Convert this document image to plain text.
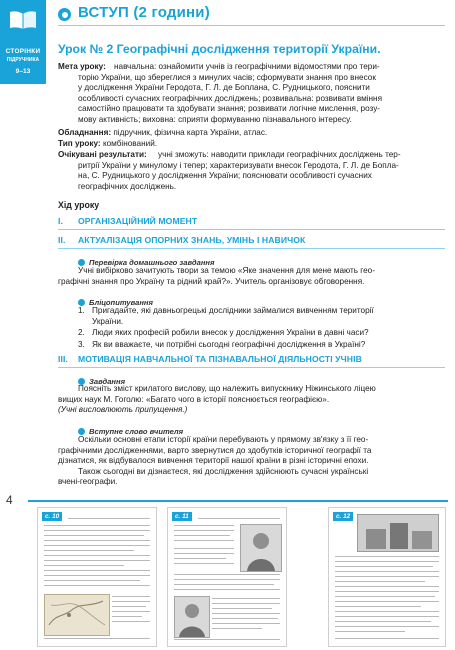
СТОРІНКИ
ПІДРУЧНИКА
9–13
ВСТУП (2 години)
Урок № 2 Географічні дослідження території України.
Мета уроку: навчальна: ознайомити учнів із географічними відомостями про тери-
торію України, що збереглися з минулих часів; сформувати знання про внесок
у дослідження України Геродота, Г. Л. де Боплана, С. Рудницького, пояснити
особливості сучасних географічних досліджень; розвивальна: розвивати вміння
самостійно працювати та здобувати знання; розвивати логічне мислення, розу-
мову активність; виховна: сприяти формуванню пізнавального інтересу.
Обладнання: підручник, фізична карта України, атлас.
Тип уроку: комбінований.
Очікувані результати: учні зможуть: наводити приклади географічних досліджень тер-
ритрії України у минулому і тепер; характеризувати внесок Геродота, Г. Л. де Бопла-
на, С. Рудницького у дослідження України; пояснювати особливості сучасних
географічних досліджень.
Хід уроку
I. ОРГАНІЗАЦІЙНИЙ МОМЕНТ
II. АКТУАЛІЗАЦІЯ ОПОРНИХ ЗНАНЬ, УМІНЬ І НАВИЧОК
Перевірка домашнього завдання
Учні вибірково зачитують твори за темою «Яке значення для мене мають гео-
графічні знання про Україну та рідний край?». Учитель організовує обговорення.
Бліцопитування
1. Пригадайте, які давньогрецькі дослідники займалися вивченням території
України.
2. Люди яких професій робили внесок у дослідження України в давні часи?
3. Як ви вважаєте, чи потрібні сьогодні географічні дослідження в Україні?
III. МОТИВАЦІЯ НАВЧАЛЬНОЇ ТА ПІЗНАВАЛЬНОЇ ДІЯЛЬНОСТІ УЧНІВ
Завдання
Поясніть зміст крилатого вислову, що належить випускнику Ніжинського ліцею
вищих наук М. Гоголю: «Багато чого в історії пояснюється географією».
(Учні висловлюють припущення.)
Вступне слово вчителя
Оскільки основні етапи історії країни перебувають у прямому зв'язку з її гео-
графічними дослідженнями, варто звернутися до здобутків історичної географії та
дізнатися, як відбувалося вивчення території нашої країни в різні історичні епохи.
Також сьогодні ви дізнаєтеся, які дослідження здійснюють сучасні українські
вчені-географи.
4
с. 10	с. 11	с. 12
